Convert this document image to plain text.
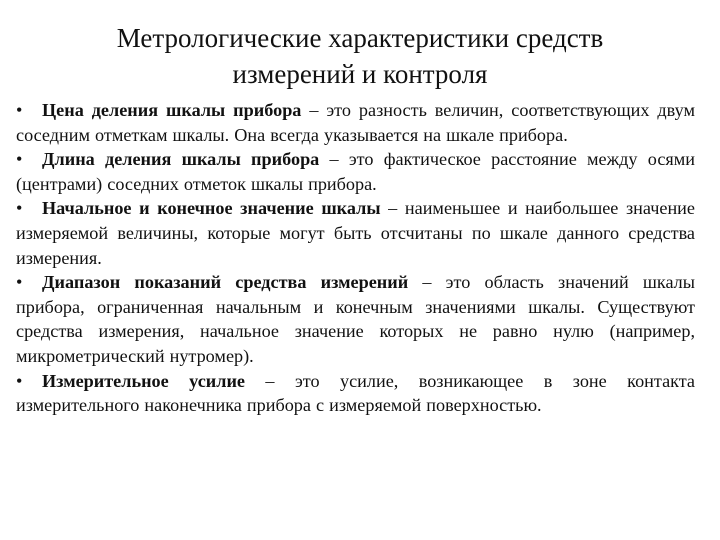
Метрологические характеристики средств
измерений и контроля
• Цена деления шкалы прибора – это разность величин, соответствующих двум соседним отметкам шкалы. Она всегда указывается на шкале прибора.
• Длина деления шкалы прибора – это фактическое расстояние между осями (центрами) соседних отметок шкалы прибора.
• Начальное и конечное значение шкалы – наименьшее и наибольшее значение измеряемой величины, которые могут быть отсчитаны по шкале данного средства измерения.
• Диапазон показаний средства измерений – это область значений шкалы прибора, ограниченная начальным и конечным значениями шкалы. Существуют средства измерения, начальное значение которых не равно нулю (например, микрометрический нутромер).
• Измерительное усилие – это усилие, возникающее в зоне контакта измерительного наконечника прибора с измеряемой поверхностью.
